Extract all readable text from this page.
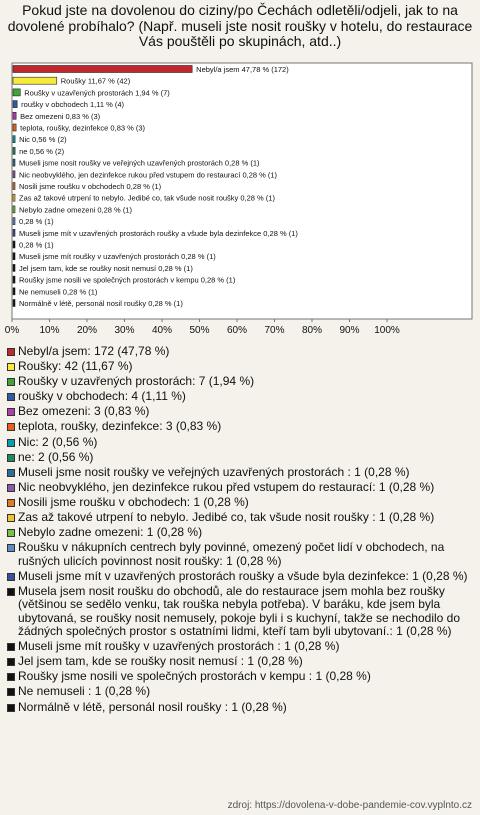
Pokud jste na dovolenou do ciziny/po Čechách odletěli/odjeli, jak to na dovolené probíhalo? (Např. museli jste nosit roušky v hotelu, do restaurace Vás pouštěli po skupinách, atd..)
0% 10% 20% 30% 40% 50% 60% 70% 80% 90% 100%
Nebyl/a jsem 47,78 % (172)
Roušky 11,67 % (42)
Roušky v uzavřených prostorách 1,94 % (7)
roušky v obchodech 1,11 % (4)
Bez omezeni 0,83 % (3)
teplota, roušky, dezinfekce 0,83 % (3)
Nic 0,56 % (2)
ne 0,56 % (2)
Museli jsme nosit roušky ve veřejných uzavřených prostorách 0,28 % (1)
Nic neobvyklého, jen dezinfekce rukou před vstupem do restaurací 0,28 % (1)
Nosili jsme roušku v obchodech 0,28 % (1)
Zas až takové utrpení to nebylo. Jedibé co, tak všude nosit roušky 0,28 % (1)
Nebylo zadne omezeni 0,28 % (1)
0,28 % (1)
Museli jsme mít v uzavřených prostorách roušky a všude byla dezinfekce 0,28 % (1)
0,28 % (1)
Museli jsme mít roušky v uzavřených prostorách 0,28 % (1)
Jel jsem tam, kde se roušky nosit nemusí 0,28 % (1)
Roušky jsme nosili ve společných prostorách v kempu 0,28 % (1)
Ne nemuseli 0,28 % (1)
Normálně v létě, personál nosil roušky 0,28 % (1)
Nebyl/a jsem: 172 (47,78 %)
Roušky: 42 (11,67 %)
Roušky v uzavřených prostorách: 7 (1,94 %)
roušky v obchodech: 4 (1,11 %)
Bez omezeni: 3 (0,83 %)
teplota, roušky, dezinfekce: 3 (0,83 %)
Nic: 2 (0,56 %)
ne: 2 (0,56 %)
Museli jsme nosit roušky ve veřejných uzavřených prostorách : 1 (0,28 %)
Nic neobvyklého, jen dezinfekce rukou před vstupem do restaurací: 1 (0,28 %)
Nosili jsme roušku v obchodech: 1 (0,28 %)
Zas až takové utrpení to nebylo. Jedibé co, tak všude nosit roušky : 1 (0,28 %)
Nebylo zadne omezeni: 1 (0,28 %)
Roušku v nákupních centrech byly povinné, omezený počet lidí v obchodech, na rušných ulicích povinnost nosit roušky: 1 (0,28 %)
Museli jsme mít v uzavřených prostorách roušky a všude byla dezinfekce: 1 (0,28 %)
Musela jsem nosit roušku do obchodů, ale do restaurace jsem mohla bez roušky (většinou se sedělo venku, tak rouška nebyla potřeba). V baráku, kde jsem byla ubytovaná, se roušky nosit nemusely, pokoje byli i s kuchyní, takže se nechodilo do žádných společných prostor s ostatními lidmi, kteří tam byli ubytovaní.: 1 (0,28 %)
Museli jsme mít roušky v uzavřených prostorách : 1 (0,28 %)
Jel jsem tam, kde se roušky nosit nemusí : 1 (0,28 %)
Roušky jsme nosili ve společných prostorách v kempu : 1 (0,28 %)
Ne nemuseli : 1 (0,28 %)
Normálně v létě, personál nosil roušky : 1 (0,28 %)
zdroj: https://dovolena-v-dobe-pandemie-cov.vyplnto.cz
